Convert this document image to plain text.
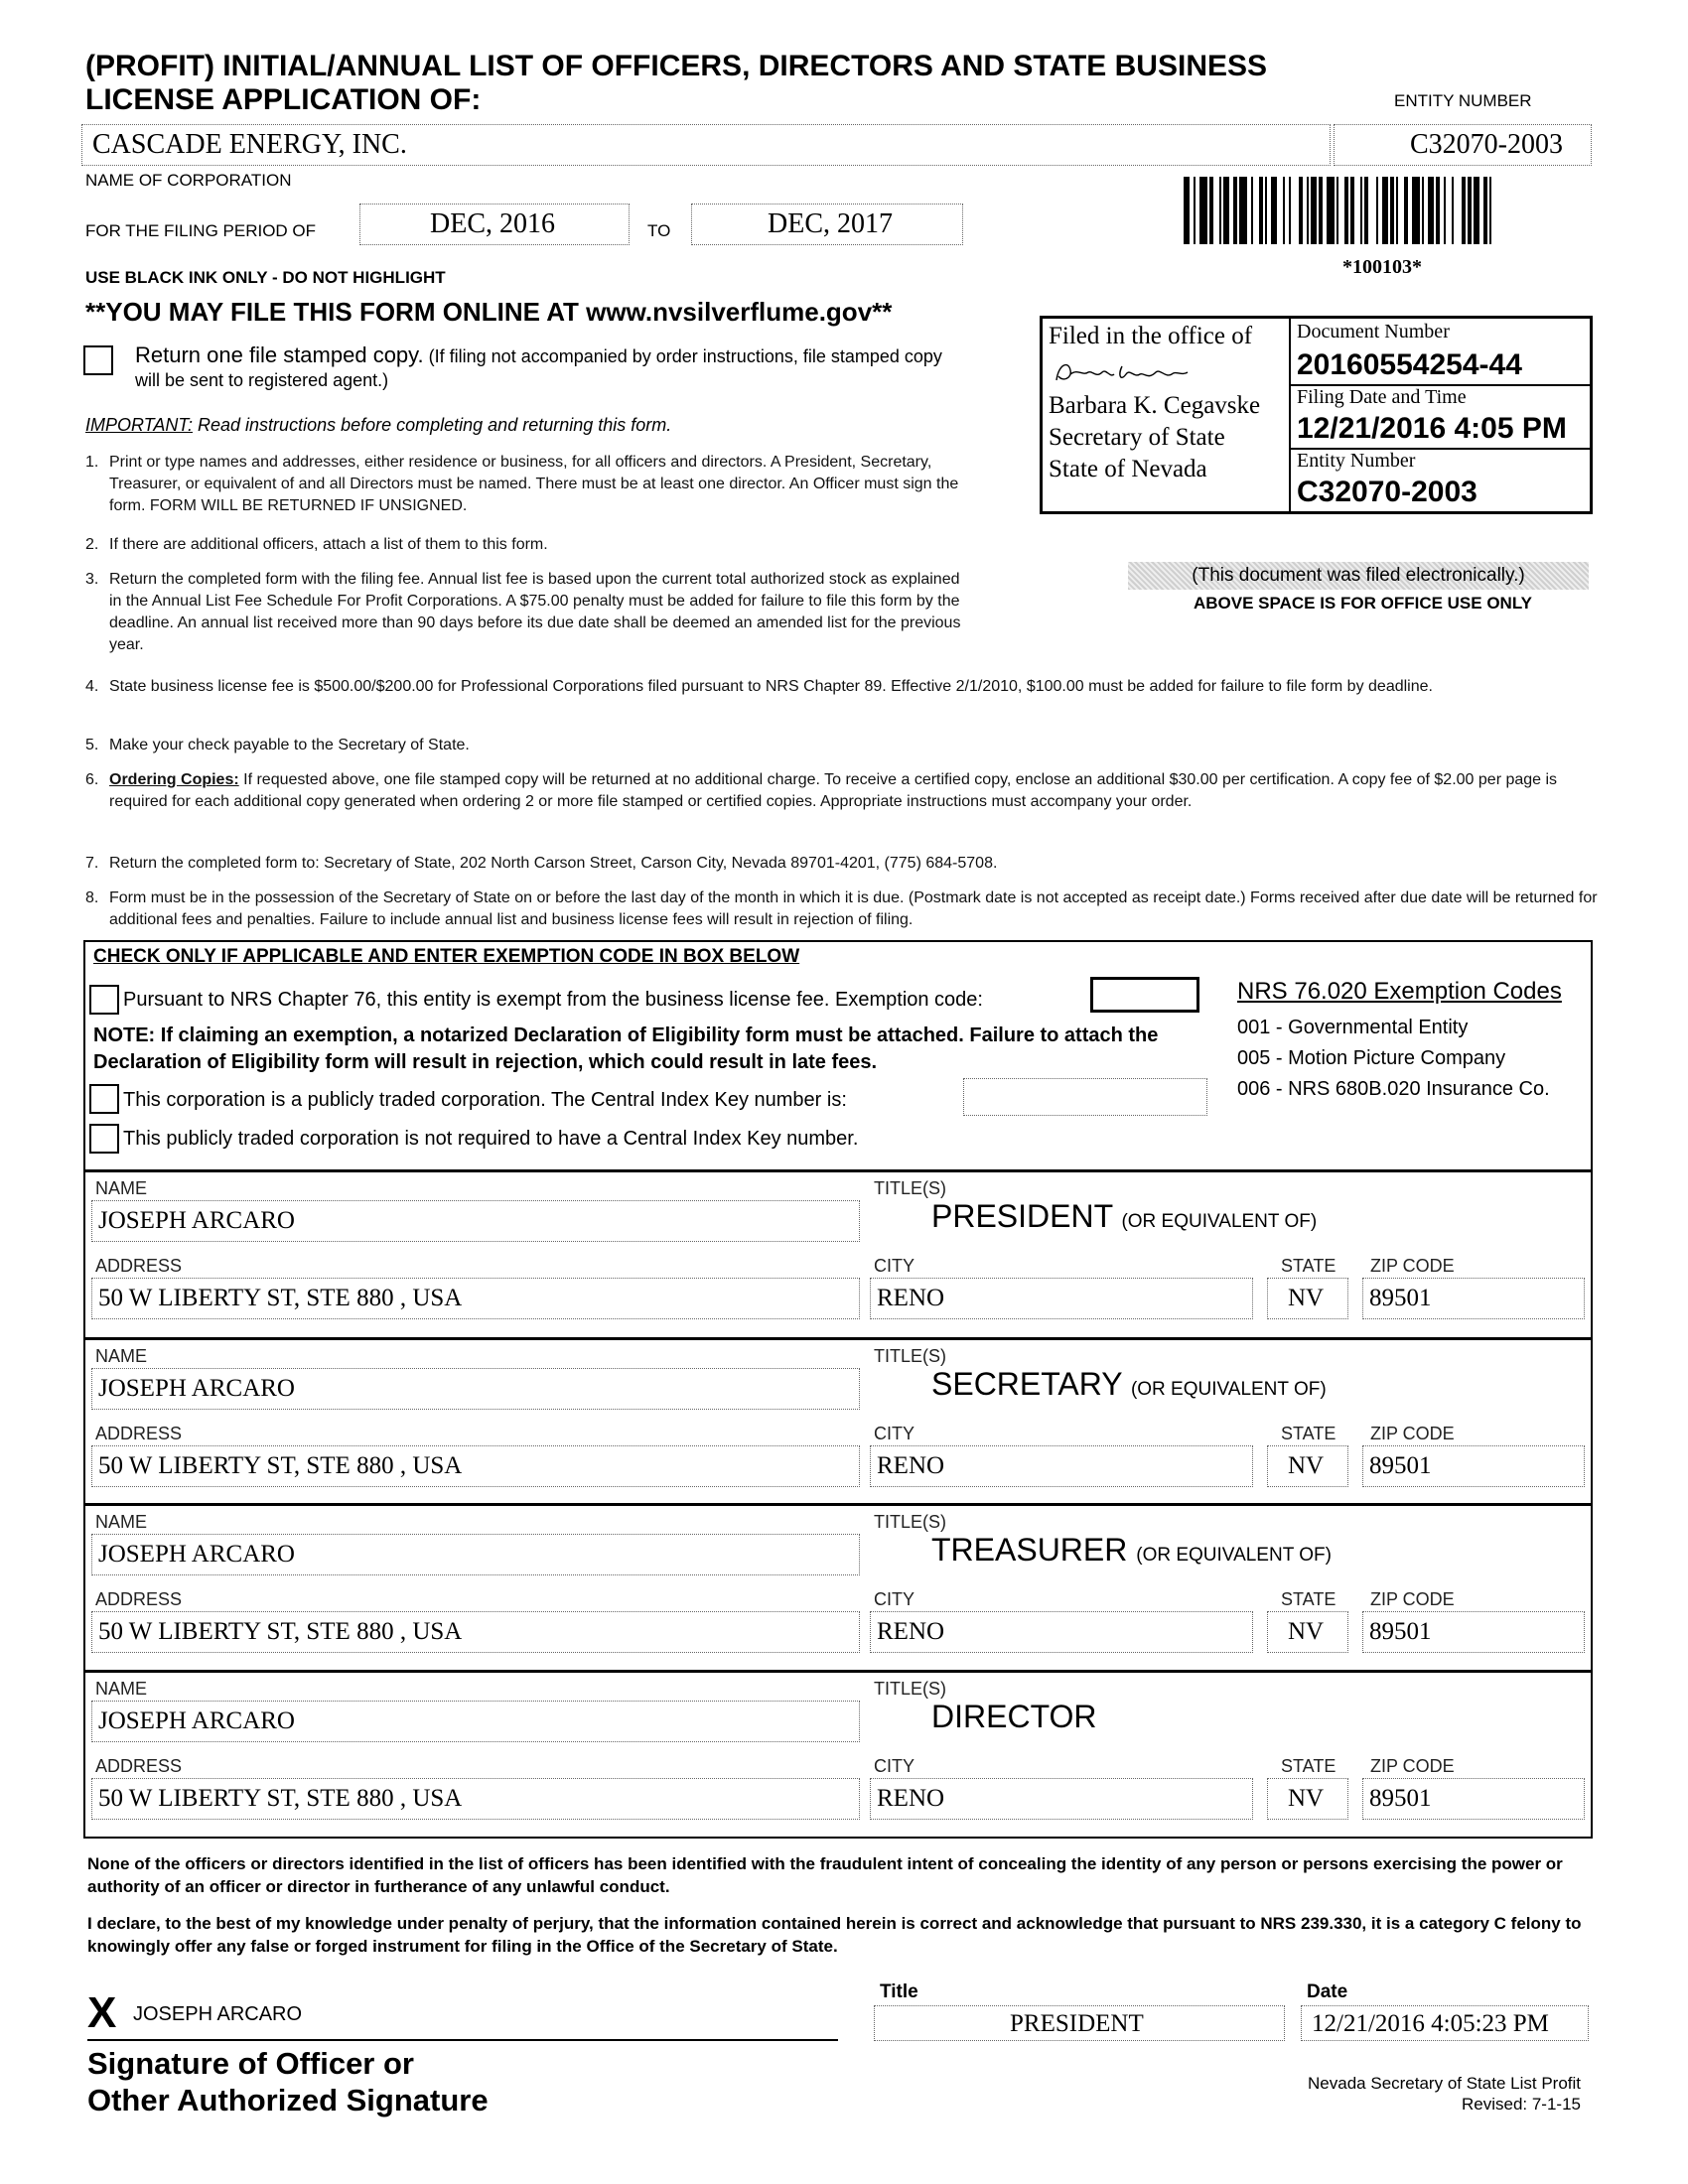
(PROFIT) INITIAL/ANNUAL LIST OF OFFICERS, DIRECTORS AND STATE BUSINESS
LICENSE APPLICATION OF:	ENTITY NUMBER
CASCADE ENERGY, INC.	C32070-2003
NAME OF CORPORATION
FOR THE FILING PERIOD OF	DEC, 2016	TO	DEC, 2017
*100103*
USE BLACK INK ONLY - DO NOT HIGHLIGHT
**YOU MAY FILE THIS FORM ONLINE AT www.nvsilverflume.gov**
Return one file stamped copy. (If filing not accompanied by order instructions, file stamped copy will be sent to registered agent.)
IMPORTANT: Read instructions before completing and returning this form.
Filed in the office of
Barbara K. Cegavske
Secretary of State
State of Nevada
Document Number
20160554254-44
Filing Date and Time
12/21/2016 4:05 PM
Entity Number
C32070-2003
(This document was filed electronically.)
ABOVE SPACE IS FOR OFFICE USE ONLY
1. Print or type names and addresses, either residence or business, for all officers and directors. A President, Secretary, Treasurer, or equivalent of and all Directors must be named. There must be at least one director. An Officer must sign the form. FORM WILL BE RETURNED IF UNSIGNED.
2. If there are additional officers, attach a list of them to this form.
3. Return the completed form with the filing fee. Annual list fee is based upon the current total authorized stock as explained in the Annual List Fee Schedule For Profit Corporations. A $75.00 penalty must be added for failure to file this form by the deadline. An annual list received more than 90 days before its due date shall be deemed an amended list for the previous year.
4. State business license fee is $500.00/$200.00 for Professional Corporations filed pursuant to NRS Chapter 89. Effective 2/1/2010, $100.00 must be added for failure to file form by deadline.
5. Make your check payable to the Secretary of State.
6. Ordering Copies: If requested above, one file stamped copy will be returned at no additional charge. To receive a certified copy, enclose an additional $30.00 per certification. A copy fee of $2.00 per page is required for each additional copy generated when ordering 2 or more file stamped or certified copies. Appropriate instructions must accompany your order.
7. Return the completed form to: Secretary of State, 202 North Carson Street, Carson City, Nevada 89701-4201, (775) 684-5708.
8. Form must be in the possession of the Secretary of State on or before the last day of the month in which it is due. (Postmark date is not accepted as receipt date.) Forms received after due date will be returned for additional fees and penalties. Failure to include annual list and business license fees will result in rejection of filing.
CHECK ONLY IF APPLICABLE AND ENTER EXEMPTION CODE IN BOX BELOW
Pursuant to NRS Chapter 76, this entity is exempt from the business license fee. Exemption code:
NOTE: If claiming an exemption, a notarized Declaration of Eligibility form must be attached. Failure to attach the Declaration of Eligibility form will result in rejection, which could result in late fees.
This corporation is a publicly traded corporation. The Central Index Key number is:
This publicly traded corporation is not required to have a Central Index Key number.
NRS 76.020 Exemption Codes
001 - Governmental Entity
005 - Motion Picture Company
006 - NRS 680B.020 Insurance Co.
NAME
JOSEPH ARCARO
TITLE(S)
PRESIDENT (OR EQUIVALENT OF)
ADDRESS
50 W LIBERTY ST, STE 880 , USA
CITY
RENO
STATE
NV
ZIP CODE
89501
NAME
JOSEPH ARCARO
TITLE(S)
SECRETARY (OR EQUIVALENT OF)
ADDRESS
50 W LIBERTY ST, STE 880 , USA
CITY
RENO
STATE
NV
ZIP CODE
89501
NAME
JOSEPH ARCARO
TITLE(S)
TREASURER (OR EQUIVALENT OF)
ADDRESS
50 W LIBERTY ST, STE 880 , USA
CITY
RENO
STATE
NV
ZIP CODE
89501
NAME
JOSEPH ARCARO
TITLE(S)
DIRECTOR
ADDRESS
50 W LIBERTY ST, STE 880 , USA
CITY
RENO
STATE
NV
ZIP CODE
89501
None of the officers or directors identified in the list of officers has been identified with the fraudulent intent of concealing the identity of any person or persons exercising the power or authority of an officer or director in furtherance of any unlawful conduct.
I declare, to the best of my knowledge under penalty of perjury, that the information contained herein is correct and acknowledge that pursuant to NRS 239.330, it is a category C felony to knowingly offer any false or forged instrument for filing in the Office of the Secretary of State.
X JOSEPH ARCARO
Signature of Officer or
Other Authorized Signature
Title
PRESIDENT
Date
12/21/2016 4:05:23 PM
Nevada Secretary of State List Profit
Revised: 7-1-15
